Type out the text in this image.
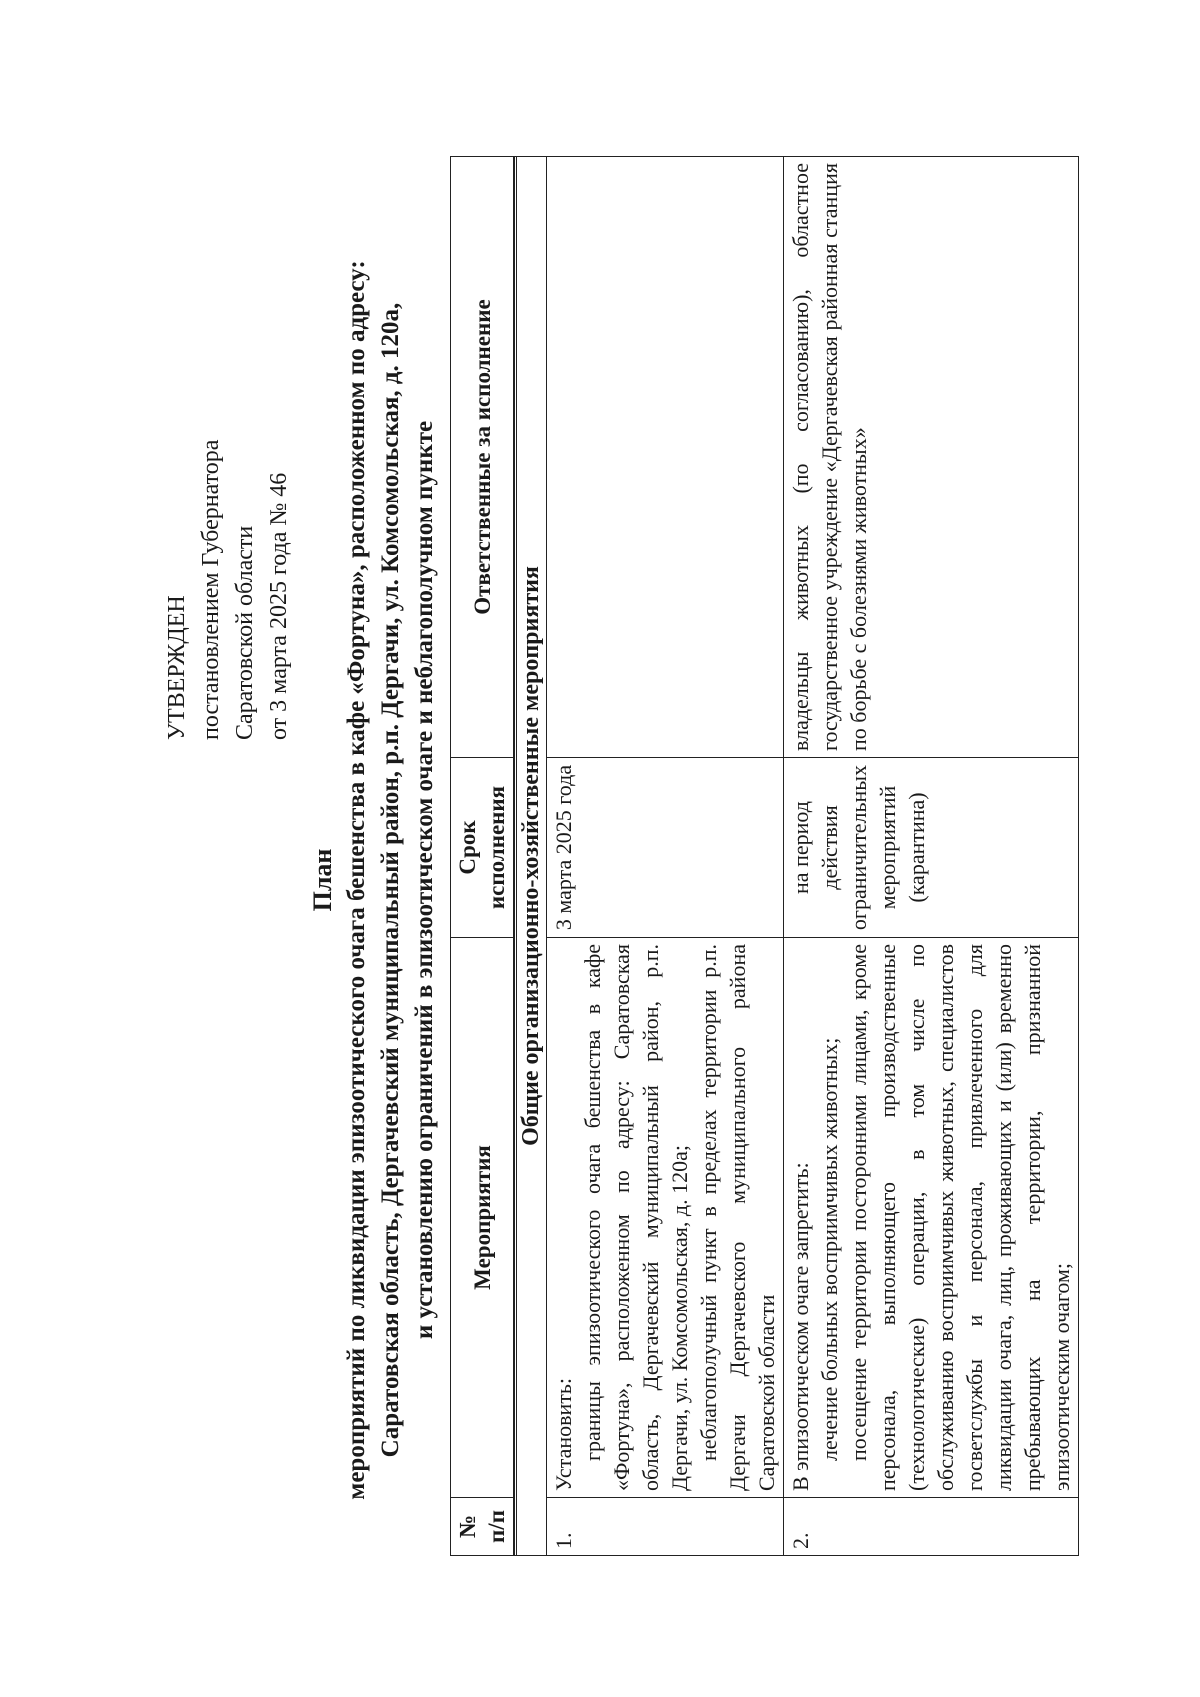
УТВЕРЖДЕН постановлением Губернатора Саратовской области от 3 марта 2025 года № 46
План мероприятий по ликвидации эпизоотического очага бешенства в кафе «Фортуна», расположенном по адресу: Саратовская область, Дергачевский муниципальный район, р.п. Дергачи, ул. Комсомольская, д. 120а, и установлению ограничений в эпизоотическом очаге и неблагополучном пункте
№ п/п	Мероприятия	Срок исполнения	Ответственные за исполнение

Общие организационно-хозяйственные мероприятия			

1.	Установить: границы эпизоотического очага бешенства в кафе «Фортуна», расположенном по адресу: Саратовская область, Дергачевский муниципальный район, р.п. Дергачи, ул. Комсомольская, д. 120а; неблагополучный пункт в пределах территории р.п. Дергачи Дергачевского муниципального района Саратовской области	3 марта 2025 года	
2.	В эпизоотическом очаге запретить: лечение больных восприимчивых животных; посещение территории посторонними лицами, кроме персонала, выполняющего производственные (технологические) операции, в том числе по обслуживанию восприимчивых животных, специалистов госветслужбы и персонала, привлеченного для ликвидации очага, лиц, проживающих и (или) временно пребывающих на территории, признанной эпизоотическим очагом;	на период действия ограничительных мероприятий (карантина)	владельцы животных (по согласованию), областное государственное учреждение «Дергачевская районная станция по борьбе с болезнями животных»
